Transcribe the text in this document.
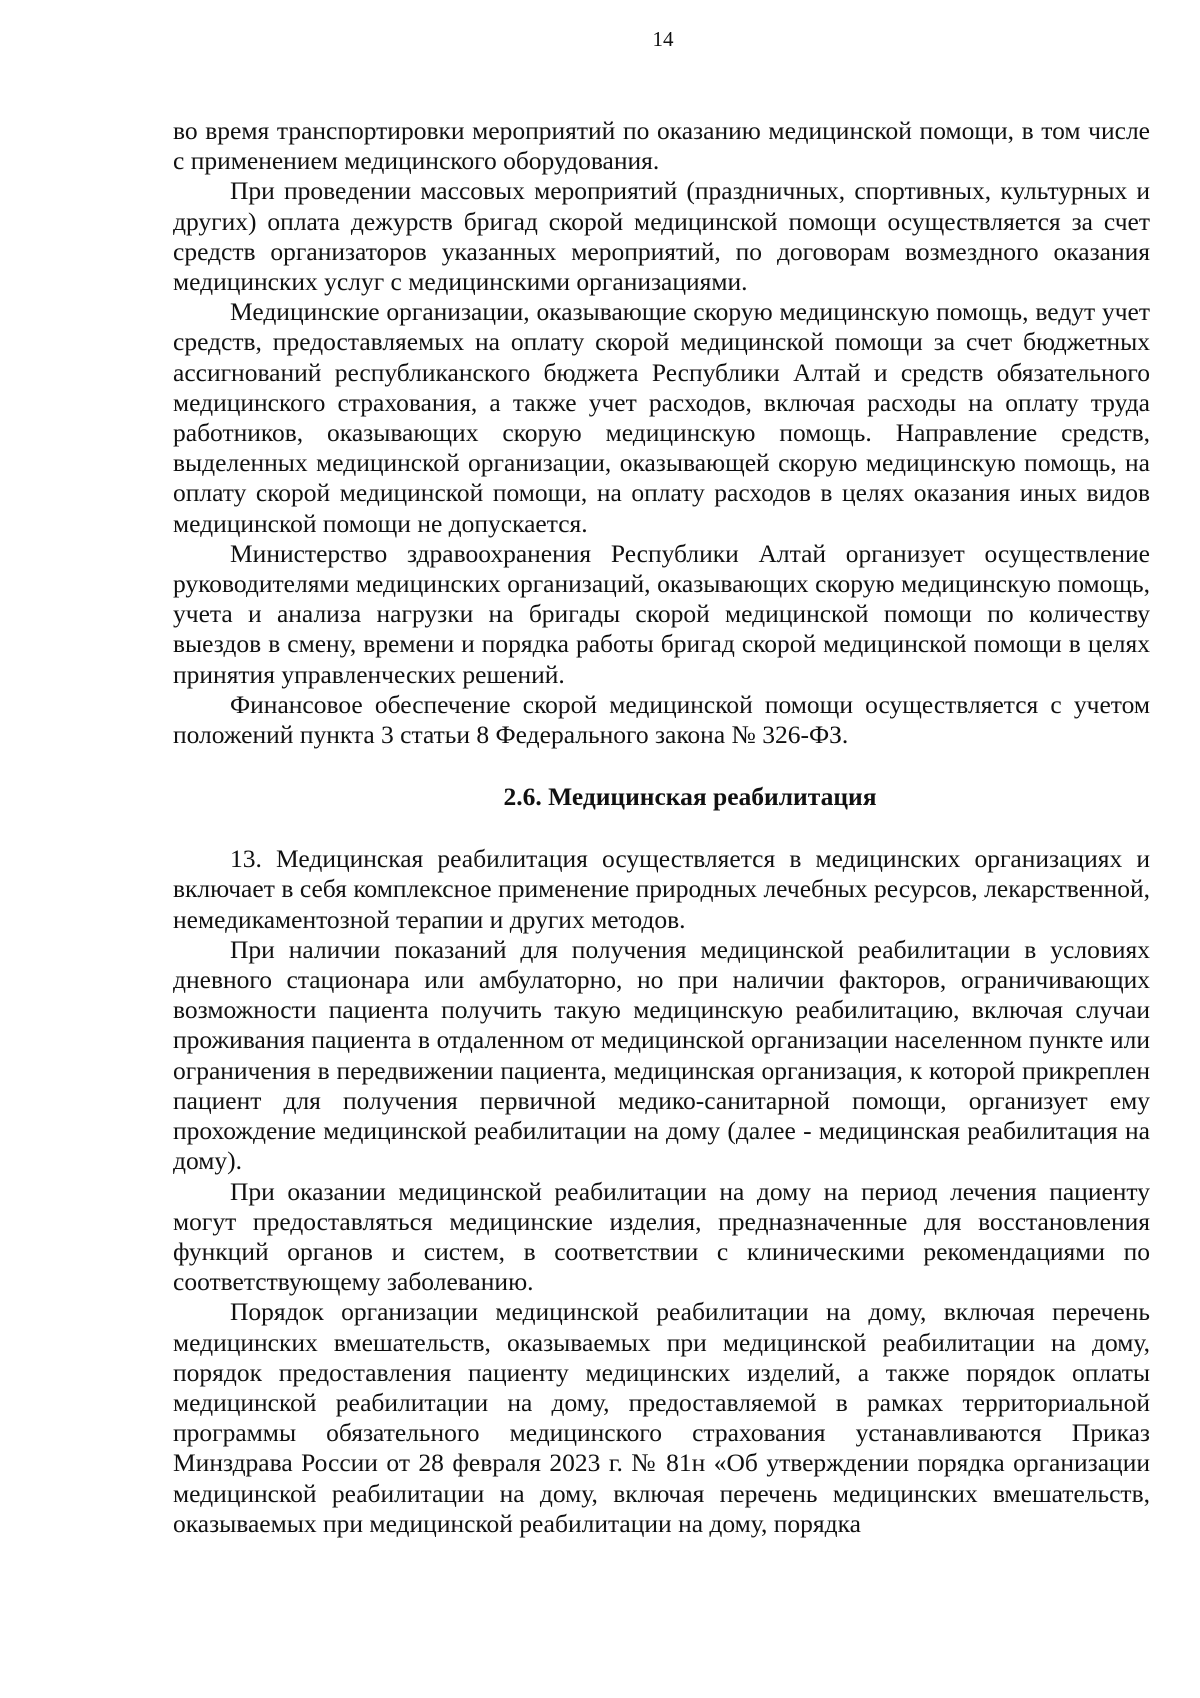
14

во время транспортировки мероприятий по оказанию медицинской помощи, в том числе с применением медицинского оборудования.

При проведении массовых мероприятий (праздничных, спортивных, культурных и других) оплата дежурств бригад скорой медицинской помощи осуществляется за счет средств организаторов указанных мероприятий, по договорам возмездного оказания медицинских услуг с медицинскими организациями.

Медицинские организации, оказывающие скорую медицинскую помощь, ведут учет средств, предоставляемых на оплату скорой медицинской помощи за счет бюджетных ассигнований республиканского бюджета Республики Алтай и средств обязательного медицинского страхования, а также учет расходов, включая расходы на оплату труда работников, оказывающих скорую медицинскую помощь. Направление средств, выделенных медицинской организации, оказывающей скорую медицинскую помощь, на оплату скорой медицинской помощи, на оплату расходов в целях оказания иных видов медицинской помощи не допускается.

Министерство здравоохранения Республики Алтай организует осуществление руководителями медицинских организаций, оказывающих скорую медицинскую помощь, учета и анализа нагрузки на бригады скорой медицинской помощи по количеству выездов в смену, времени и порядка работы бригад скорой медицинской помощи в целях принятия управленческих решений.

Финансовое обеспечение скорой медицинской помощи осуществляется с учетом положений пункта 3 статьи 8 Федерального закона № 326-ФЗ.

2.6. Медицинская реабилитация

13. Медицинская реабилитация осуществляется в медицинских организациях и включает в себя комплексное применение природных лечебных ресурсов, лекарственной, немедикаментозной терапии и других методов.

При наличии показаний для получения медицинской реабилитации в условиях дневного стационара или амбулаторно, но при наличии факторов, ограничивающих возможности пациента получить такую медицинскую реабилитацию, включая случаи проживания пациента в отдаленном от медицинской организации населенном пункте или ограничения в передвижении пациента, медицинская организация, к которой прикреплен пациент для получения первичной медико-санитарной помощи, организует ему прохождение медицинской реабилитации на дому (далее - медицинская реабилитация на дому).

При оказании медицинской реабилитации на дому на период лечения пациенту могут предоставляться медицинские изделия, предназначенные для восстановления функций органов и систем, в соответствии с клиническими рекомендациями по соответствующему заболеванию.

Порядок организации медицинской реабилитации на дому, включая перечень медицинских вмешательств, оказываемых при медицинской реабилитации на дому, порядок предоставления пациенту медицинских изделий, а также порядок оплаты медицинской реабилитации на дому, предоставляемой в рамках территориальной программы обязательного медицинского страхования устанавливаются Приказ Минздрава России от 28 февраля 2023 г. № 81н «Об утверждении порядка организации медицинской реабилитации на дому, включая перечень медицинских вмешательств, оказываемых при медицинской реабилитации на дому, порядка
